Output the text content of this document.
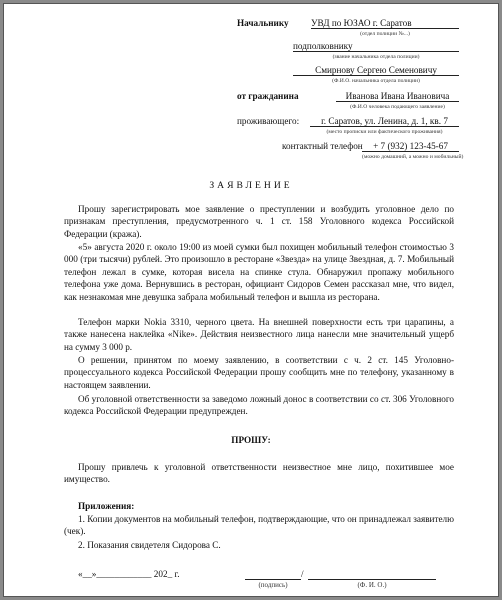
Начальнику УВД по ЮЗАО г. Саратов
(отдел полиции №...)
подполковнику
(звание начальника отдела полиции)
Смирнову Сергею Семеновичу
(Ф.И.О. начальника отдела полиции)
от гражданина	Иванова Ивана Ивановича
(Ф.И.О человека подающего заявление)
проживающего:	г. Саратов, ул. Ленина, д. 1, кв. 7
(место прописки или фактического проживания)
контактный телефон	+ 7 (932) 123-45-67
(можно домашний, а можно и мобильный)
ЗАЯВЛЕНИЕ
Прошу зарегистрировать мое заявление о преступлении и возбудить уголовное дело по признакам преступления, предусмотренного ч. 1 ст. 158 Уголовного кодекса Российской Федерации (кража).
«5» августа 2020 г. около 19:00 из моей сумки был похищен мобильный телефон стоимостью 3 000 (три тысячи) рублей. Это произошло в ресторане «Звезда» на улице Звездная, д. 7. Мобильный телефон лежал в сумке, которая висела на спинке стула. Обнаружил пропажу мобильного телефона уже дома. Вернувшись в ресторан, официант Сидоров Семен рассказал мне, что видел, как незнакомая мне девушка забрала мобильный телефон и вышла из ресторана.
Телефон марки Nokia 3310, черного цвета. На внешней поверхности есть три царапины, а также нанесена наклейка «Nike». Действия неизвестного лица нанесли мне значительный ущерб на сумму 3 000 р.
О решении, принятом по моему заявлению, в соответствии с ч. 2 ст. 145 Уголовно-процессуального кодекса Российской Федерации прошу сообщить мне по телефону, указанному в настоящем заявлении.
Об уголовной ответственности за заведомо ложный донос в соответствии со ст. 306 Уголовного кодекса Российской Федерации предупрежден.
ПРОШУ:
Прошу привлечь к уголовной ответственности неизвестное мне лицо, похитившее мое имущество.
Приложения:
1. Копии документов на мобильный телефон, подтверждающие, что он принадлежал заявителю (чек).
2. Показания свидетеля Сидорова С.
«__»____________ 202_ г.	/
(подпись)	(Ф. И. О.)
